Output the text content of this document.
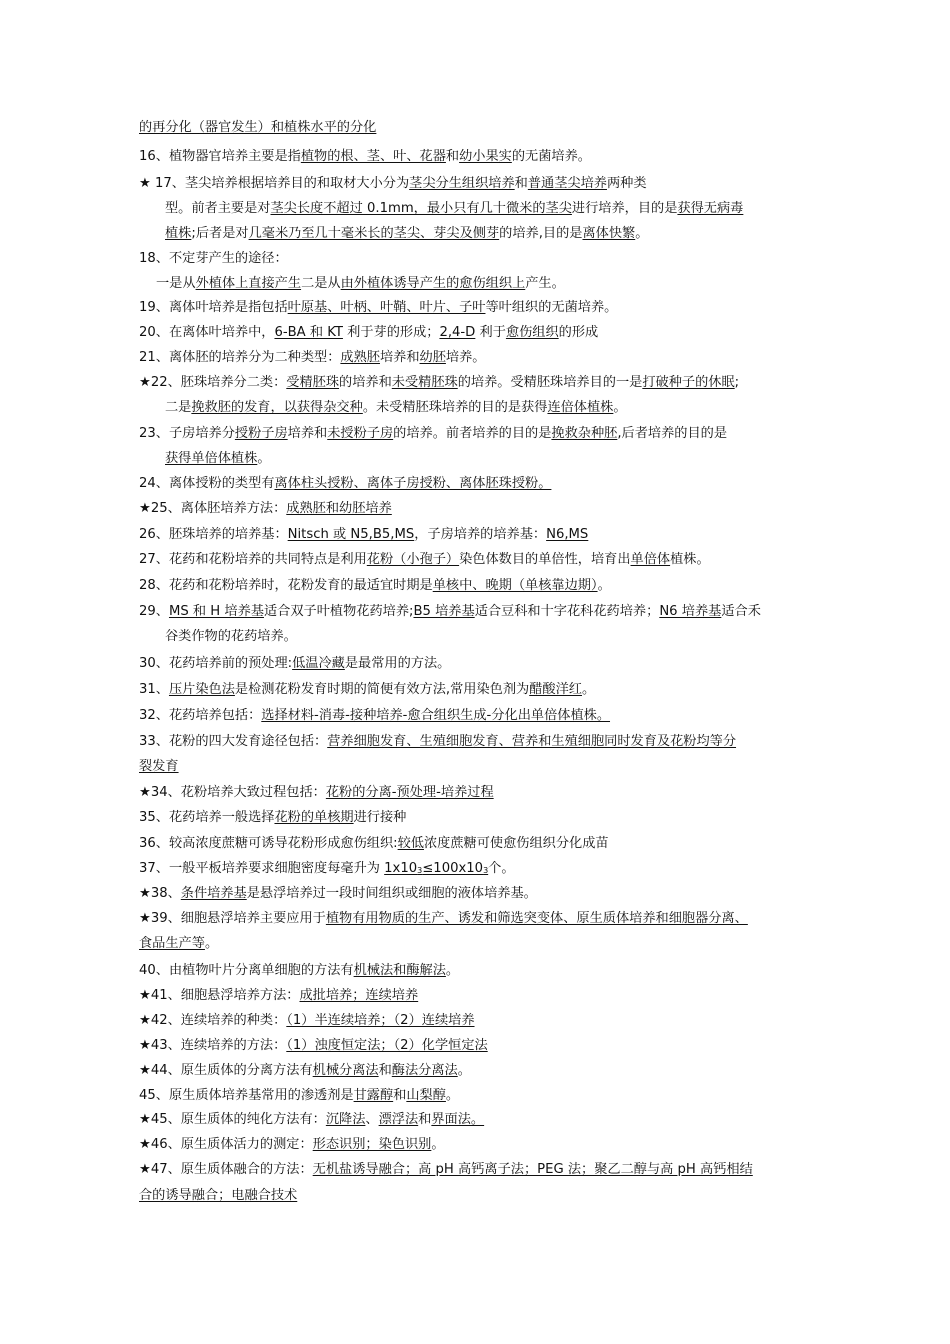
的再分化（器官发生）和植株水平的分化
16、植物器官培养主要是指植物的根、茎、叶、花器和幼小果实的无菌培养。
★ 17、茎尖培养根据培养目的和取材大小分为茎尖分生组织培养和普通茎尖培养两种类
型。前者主要是对茎尖长度不超过 0.1mm，最小只有几十微米的茎尖进行培养，目的是获得无病毒
植株;后者是对几毫米乃至几十毫米长的茎尖、芽尖及侧芽的培养,目的是离体快繁。
18、不定芽产生的途径：
一是从外植体上直接产生二是从由外植体诱导产生的愈伤组织上产生。
19、离体叶培养是指包括叶原基、叶柄、叶鞘、叶片、子叶等叶组织的无菌培养。
20、在离体叶培养中，6-BA 和 KT 利于芽的形成；2,4-D 利于愈伤组织的形成
21、离体胚的培养分为二种类型：成熟胚培养和幼胚培养。
★22、胚珠培养分二类：受精胚珠的培养和未受精胚珠的培养。受精胚珠培养目的一是打破种子的休眠;
二是挽救胚的发育，以获得杂交种。未受精胚珠培养的目的是获得连倍体植株。
23、子房培养分授粉子房培养和未授粉子房的培养。前者培养的目的是挽救杂种胚,后者培养的目的是
获得单倍体植株。
24、离体授粉的类型有离体柱头授粉、离体子房授粉、离体胚珠授粉。
★25、离体胚培养方法：成熟胚和幼胚培养
26、胚珠培养的培养基：Nitsch 或 N5,B5,MS，子房培养的培养基：N6,MS
27、花药和花粉培养的共同特点是利用花粉（小孢子）染色体数目的单倍性，培育出单倍体植株。
28、花药和花粉培养时，花粉发育的最适宜时期是单核中、晚期（单核靠边期）。
29、MS 和 H 培养基适合双子叶植物花药培养;B5 培养基适合豆科和十字花科花药培养；N6 培养基适合禾
谷类作物的花药培养。
30、花药培养前的预处理:低温冷藏是最常用的方法。
31、压片染色法是检测花粉发育时期的简便有效方法,常用染色剂为醋酸洋红。
32、花药培养包括：选择材料-消毒-接种培养-愈合组织生成-分化出单倍体植株。
33、花粉的四大发育途径包括：营养细胞发育、生殖细胞发育、营养和生殖细胞同时发育及花粉均等分
裂发育
★34、花粉培养大致过程包括：花粉的分离-预处理-培养过程
35、花药培养一般选择花粉的单核期进行接种
36、较高浓度蔗糖可诱导花粉形成愈伤组织:较低浓度蔗糖可使愈伤组织分化成苗
37、一般平板培养要求细胞密度每毫升为 $1x10_3\le 100x10_3$个。
★38、条件培养基是悬浮培养过一段时间组织或细胞的液体培养基。
★39、细胞悬浮培养主要应用于植物有用物质的生产、诱发和筛选突变体、原生质体培养和细胞器分离、
食品生产等。
40、由植物叶片分离单细胞的方法有机械法和酶解法。
★41、细胞悬浮培养方法：成批培养；连续培养
★42、连续培养的种类：（1）半连续培养；（2）连续培养
★43、连续培养的方法：（1）浊度恒定法；（2）化学恒定法
★44、原生质体的分离方法有机械分离法和酶法分离法。
45、原生质体培养基常用的渗透剂是甘露醇和山梨醇。
★45、原生质体的纯化方法有：沉降法、漂浮法和界面法。
★46、原生质体活力的测定：形态识别；染色识别。
★47、原生质体融合的方法：无机盐诱导融合；高 pH 高钙离子法；PEG 法；聚乙二醇与高 pH 高钙相结
合的诱导融合；电融合技术
